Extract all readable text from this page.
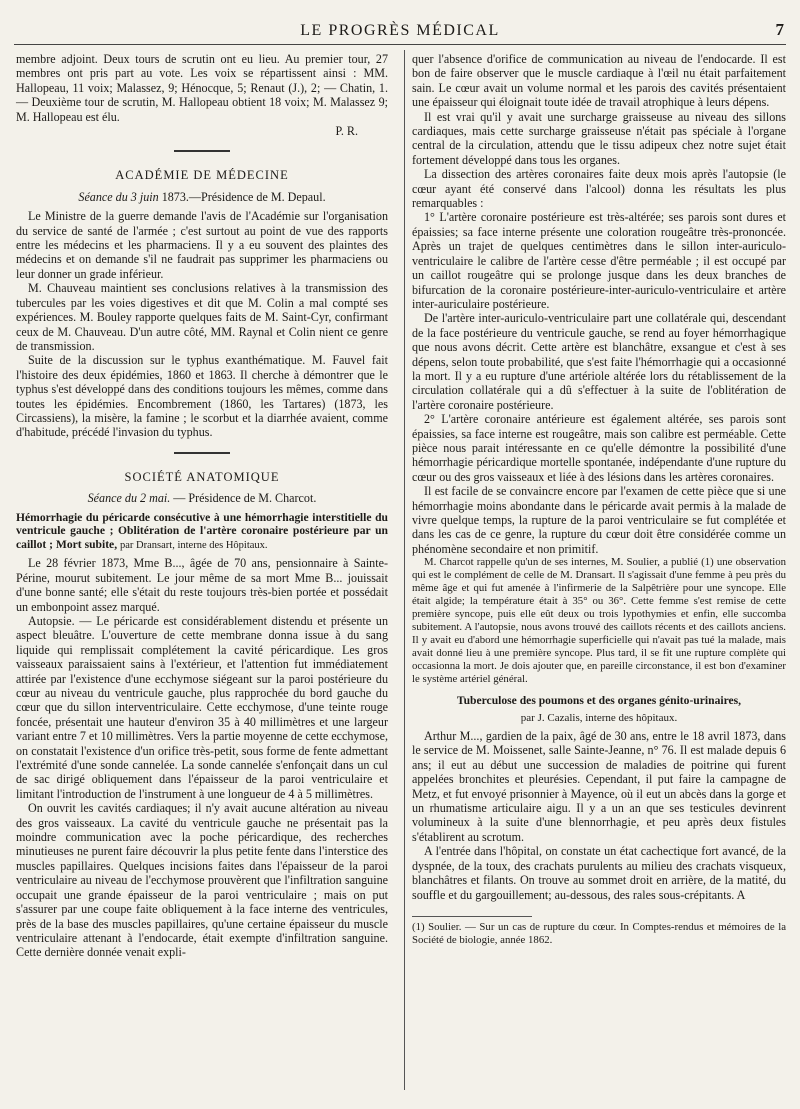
LE PROGRÈS MÉDICAL	7

membre adjoint. Deux tours de scrutin ont eu lieu. Au premier tour, 27 membres ont pris part au vote. Les voix se répartissent ainsi : MM. Hallopeau, 11 voix; Malassez, 9; Hénocque, 5; Renaut (J.), 2; — Chatin, 1. — Deuxième tour de scrutin, M. Hallopeau obtient 18 voix; M. Malassez 9; M. Hallopeau est élu.

P. R.
ACADÉMIE DE MÉDECINE
Séance du 3 juin 1873.—Présidence de M. Depaul.

Le Ministre de la guerre demande l'avis de l'Académie sur l'organisation du service de santé de l'armée ; c'est surtout au point de vue des rapports entre les médecins et les pharmaciens. Il y a eu souvent des plaintes des médecins et on demande s'il ne faudrait pas supprimer les pharmaciens ou leur donner un grade inférieur.

M. Chauveau maintient ses conclusions relatives à la transmission des tubercules par les voies digestives et dit que M. Colin a mal compté ses expériences. M. Bouley rapporte quelques faits de M. Saint-Cyr, confirmant ceux de M. Chauveau. D'un autre côté, MM. Raynal et Colin nient ce genre de transmission.

Suite de la discussion sur le typhus exanthématique. M. Fauvel fait l'histoire des deux épidémies, 1860 et 1863. Il cherche à démontrer que le typhus s'est développé dans des conditions toujours les mêmes, comme dans toutes les épidémies. Encombrement (1860, les Tartares) (1873, les Circassiens), la misère, la famine ; le scorbut et la diarrhée avaient, comme d'habitude, précédé l'invasion du typhus.

SOCIÉTÉ ANATOMIQUE
Séance du 2 mai. — Présidence de M. Charcot.
Hémorrhagie du péricarde consécutive à une hémorrhagie interstitielle du ventricule gauche ; Oblitération de l'artère coronaire postérieure par un caillot ; Mort subite, par Dransart, interne des Hôpitaux.

Le 28 février 1873, Mme B..., âgée de 70 ans, pensionnaire à Sainte-Périne, mourut subitement. Le jour même de sa mort Mme B... jouissait d'une bonne santé; elle s'était du reste toujours très-bien portée et possédait un embonpoint assez marqué.

Autopsie. — Le péricarde est considérablement distendu et présente un aspect bleuâtre. L'ouverture de cette membrane donna issue à du sang liquide qui remplissait complétement la cavité péricardique. Les gros vaisseaux paraissaient sains à l'extérieur, et l'attention fut immédiatement attirée par l'existence d'une ecchymose siégeant sur la paroi postérieure du cœur au niveau du ventricule gauche, plus rapprochée du bord gauche du cœur que du sillon interventriculaire. Cette ecchymose, d'une teinte rouge foncée, présentait une hauteur d'environ 35 à 40 millimètres et une largeur variant entre 7 et 10 millimètres. Vers la partie moyenne de cette ecchymose, on constatait l'existence d'un orifice très-petit, sous forme de fente admettant l'extrémité d'une sonde cannelée. La sonde cannelée s'enfonçait dans un cul de sac dirigé obliquement dans l'épaisseur de la paroi ventriculaire et limitant l'introduction de l'instrument à une longueur de 4 à 5 millimètres.

On ouvrit les cavités cardiaques; il n'y avait aucune altération au niveau des gros vaisseaux. La cavité du ventricule gauche ne présentait pas la moindre communication avec la poche péricardique, des recherches minutieuses ne purent faire découvrir la plus petite fente dans l'interstice des muscles papillaires. Quelques incisions faites dans l'épaisseur de la paroi ventriculaire au niveau de l'ecchymose prouvèrent que l'infiltration sanguine occupait une grande épaisseur de la paroi ventriculaire ; mais on put s'assurer par une coupe faite obliquement à la face interne des ventricules, près de la base des muscles papillaires, qu'une certaine épaisseur du muscle ventriculaire attenant à l'endocarde, était exempte d'infiltration sanguine. Cette dernière donnée venait expli-

quer l'absence d'orifice de communication au niveau de l'endocarde. Il est bon de faire observer que le muscle cardiaque à l'œil nu était parfaitement sain. Le cœur avait un volume normal et les parois des cavités présentaient une épaisseur qui éloignait toute idée de travail atrophique à leurs dépens.

Il est vrai qu'il y avait une surcharge graisseuse au niveau des sillons cardiaques, mais cette surcharge graisseuse n'était pas spéciale à l'organe central de la circulation, attendu que le tissu adipeux chez notre sujet était fortement développé dans tous les organes.

La dissection des artères coronaires faite deux mois après l'autopsie (le cœur ayant été conservé dans l'alcool) donna les résultats les plus remarquables :

1° L'artère coronaire postérieure est très-altérée; ses parois sont dures et épaissies; sa face interne présente une coloration rougeâtre très-prononcée. Après un trajet de quelques centimètres dans le sillon inter-auriculo-ventriculaire le calibre de l'artère cesse d'être perméable ; il est occupé par un caillot rougeâtre qui se prolonge jusque dans les deux branches de bifurcation de la coronaire postérieure-inter-auriculo-ventriculaire et artère inter-auriculaire postérieure.

De l'artère inter-auriculo-ventriculaire part une collatérale qui, descendant de la face postérieure du ventricule gauche, se rend au foyer hémorrhagique que nous avons décrit. Cette artère est blanchâtre, exsangue et c'est à ses dépens, selon toute probabilité, que s'est faite l'hémorrhagie qui a occasionné la mort. Il y a eu rupture d'une artériole altérée lors du rétablissement de la circulation collatérale qui a dû s'effectuer à la suite de l'oblitération de l'artère coronaire postérieure.

2° L'artère coronaire antérieure est également altérée, ses parois sont épaissies, sa face interne est rougeâtre, mais son calibre est perméable. Cette pièce nous parait intéressante en ce qu'elle démontre la possibilité d'une hémorrhagie péricardique mortelle spontanée, indépendante d'une rupture du cœur ou des gros vaisseaux et liée à des lésions dans les artères coronaires.

Il est facile de se convaincre encore par l'examen de cette pièce que si une hémorrhagie moins abondante dans le péricarde avait permis à la malade de vivre quelque temps, la rupture de la paroi ventriculaire se fut complétée et dans les cas de ce genre, la rupture du cœur doit être considérée comme un phénomène secondaire et non primitif.

M. Charcot rappelle qu'un de ses internes, M. Soulier, a publié (1) une observation qui est le complément de celle de M. Dransart. Il s'agissait d'une femme à peu près du même âge et qui fut amenée à l'infirmerie de la Salpêtrière pour une syncope. Elle était algide; la température était à 35° ou 36°. Cette femme s'est remise de cette première syncope, puis elle eût deux ou trois lypothymies et enfin, elle succomba subitement. A l'autopsie, nous avons trouvé des caillots récents et des caillots anciens. Il y avait eu d'abord une hémorrhagie superficielle qui n'avait pas tué la malade, mais avait donné lieu à une première syncope. Plus tard, il se fit une rupture complète qui occasionna la mort. Je dois ajouter que, en pareille circonstance, il est bon d'examiner le système artériel général.

Tuberculose des poumons et des organes génito-urinaires,
par J. Cazalis, interne des hôpitaux.

Arthur M..., gardien de la paix, âgé de 30 ans, entre le 18 avril 1873, dans le service de M. Moissenet, salle Sainte-Jeanne, n° 76. Il est malade depuis 6 ans; il eut au début une succession de maladies de poitrine qui furent appelées bronchites et pleurésies. Cependant, il put faire la campagne de Metz, et fut envoyé prisonnier à Mayence, où il eut un abcès dans la gorge et un rhumatisme articulaire aigu. Il y a un an que ses testicules devinrent volumineux à la suite d'une blennorrhagie, et peu après deux fistules s'établirent au scrotum.

A l'entrée dans l'hôpital, on constate un état cachectique fort avancé, de la dyspnée, de la toux, des crachats purulents au milieu des crachats visqueux, blanchâtres et filants. On trouve au sommet droit en arrière, de la matité, du souffle et du gargouillement; au-dessous, des rales sous-crépitants. A

(1) Soulier. — Sur un cas de rupture du cœur. In Comptes-rendus et mémoires de la Société de biologie, année 1862.
